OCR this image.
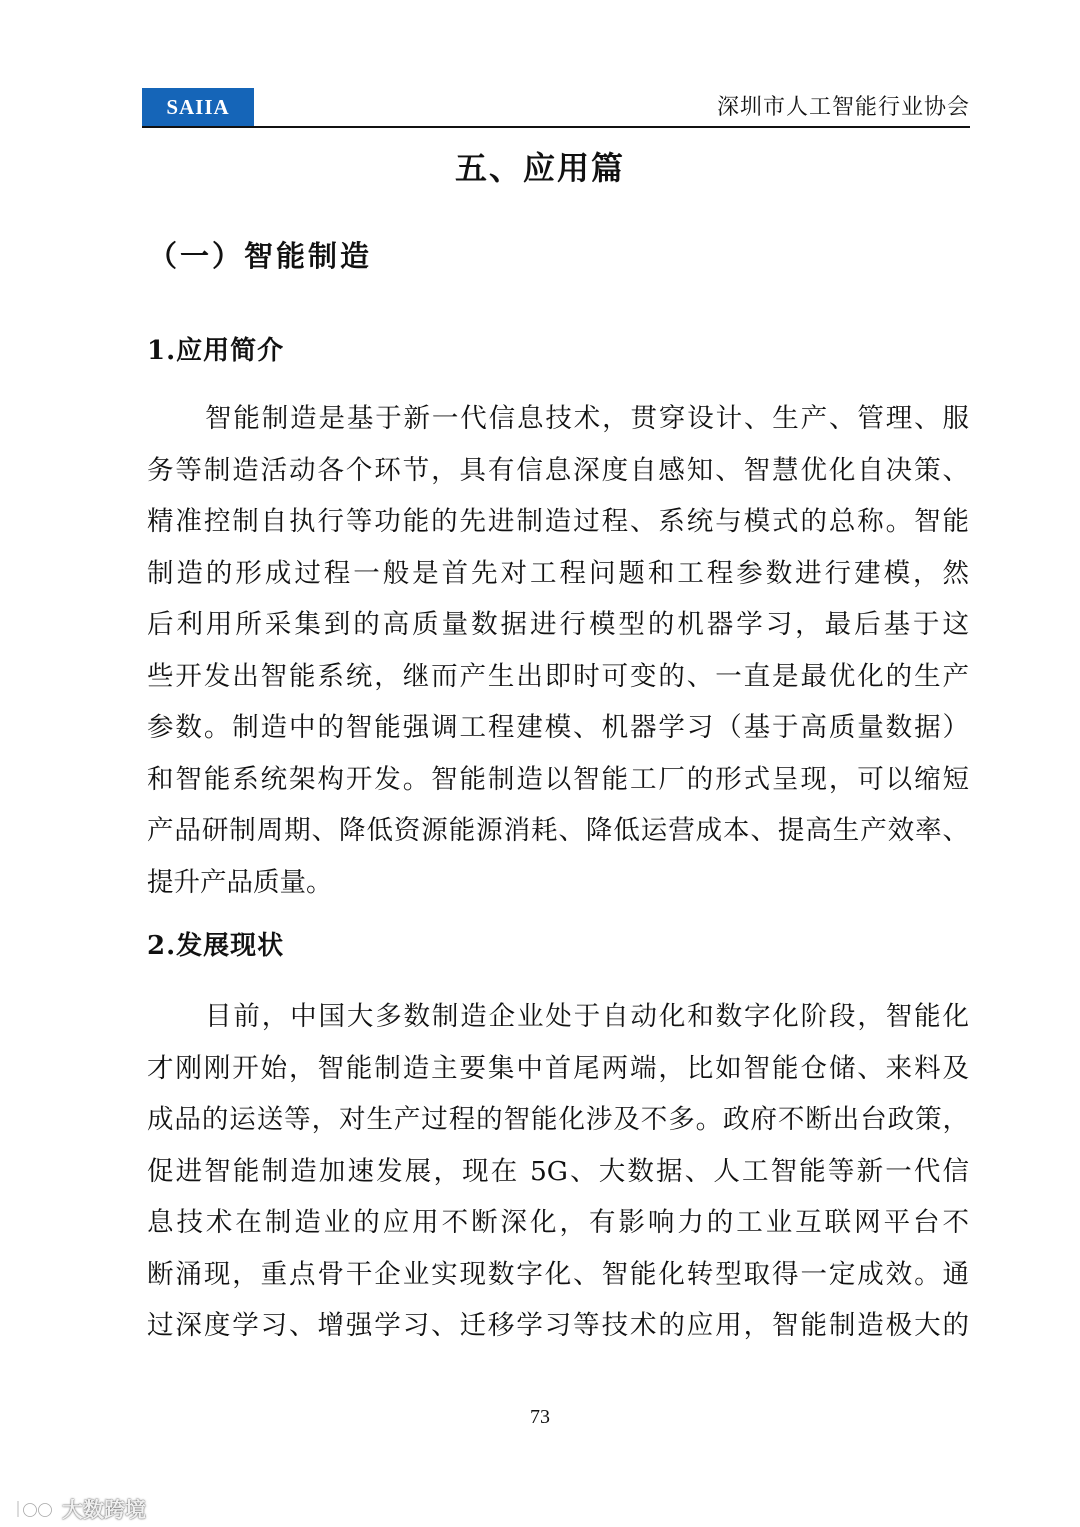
SAIIA	深圳市人工智能行业协会
五、应用篇
（一）智能制造
1.应用简介
智能制造是基于新一代信息技术，贯穿设计、生产、管理、服
务等制造活动各个环节，具有信息深度自感知、智慧优化自决策、
精准控制自执行等功能的先进制造过程、系统与模式的总称。智能
制造的形成过程一般是首先对工程问题和工程参数进行建模，然
后利用所采集到的高质量数据进行模型的机器学习，最后基于这
些开发出智能系统，继而产生出即时可变的、一直是最优化的生产
参数。制造中的智能强调工程建模、机器学习（基于高质量数据）
和智能系统架构开发。智能制造以智能工厂的形式呈现，可以缩短
产品研制周期、降低资源能源消耗、降低运营成本、提高生产效率、
提升产品质量。
2.发展现状
目前，中国大多数制造企业处于自动化和数字化阶段，智能化
才刚刚开始，智能制造主要集中首尾两端，比如智能仓储、来料及
成品的运送等，对生产过程的智能化涉及不多。政府不断出台政策，
促进智能制造加速发展，现在 5G、大数据、人工智能等新一代信
息技术在制造业的应用不断深化，有影响力的工业互联网平台不
断涌现，重点骨干企业实现数字化、智能化转型取得一定成效。通
过深度学习、增强学习、迁移学习等技术的应用，智能制造极大的
73
大数跨境
